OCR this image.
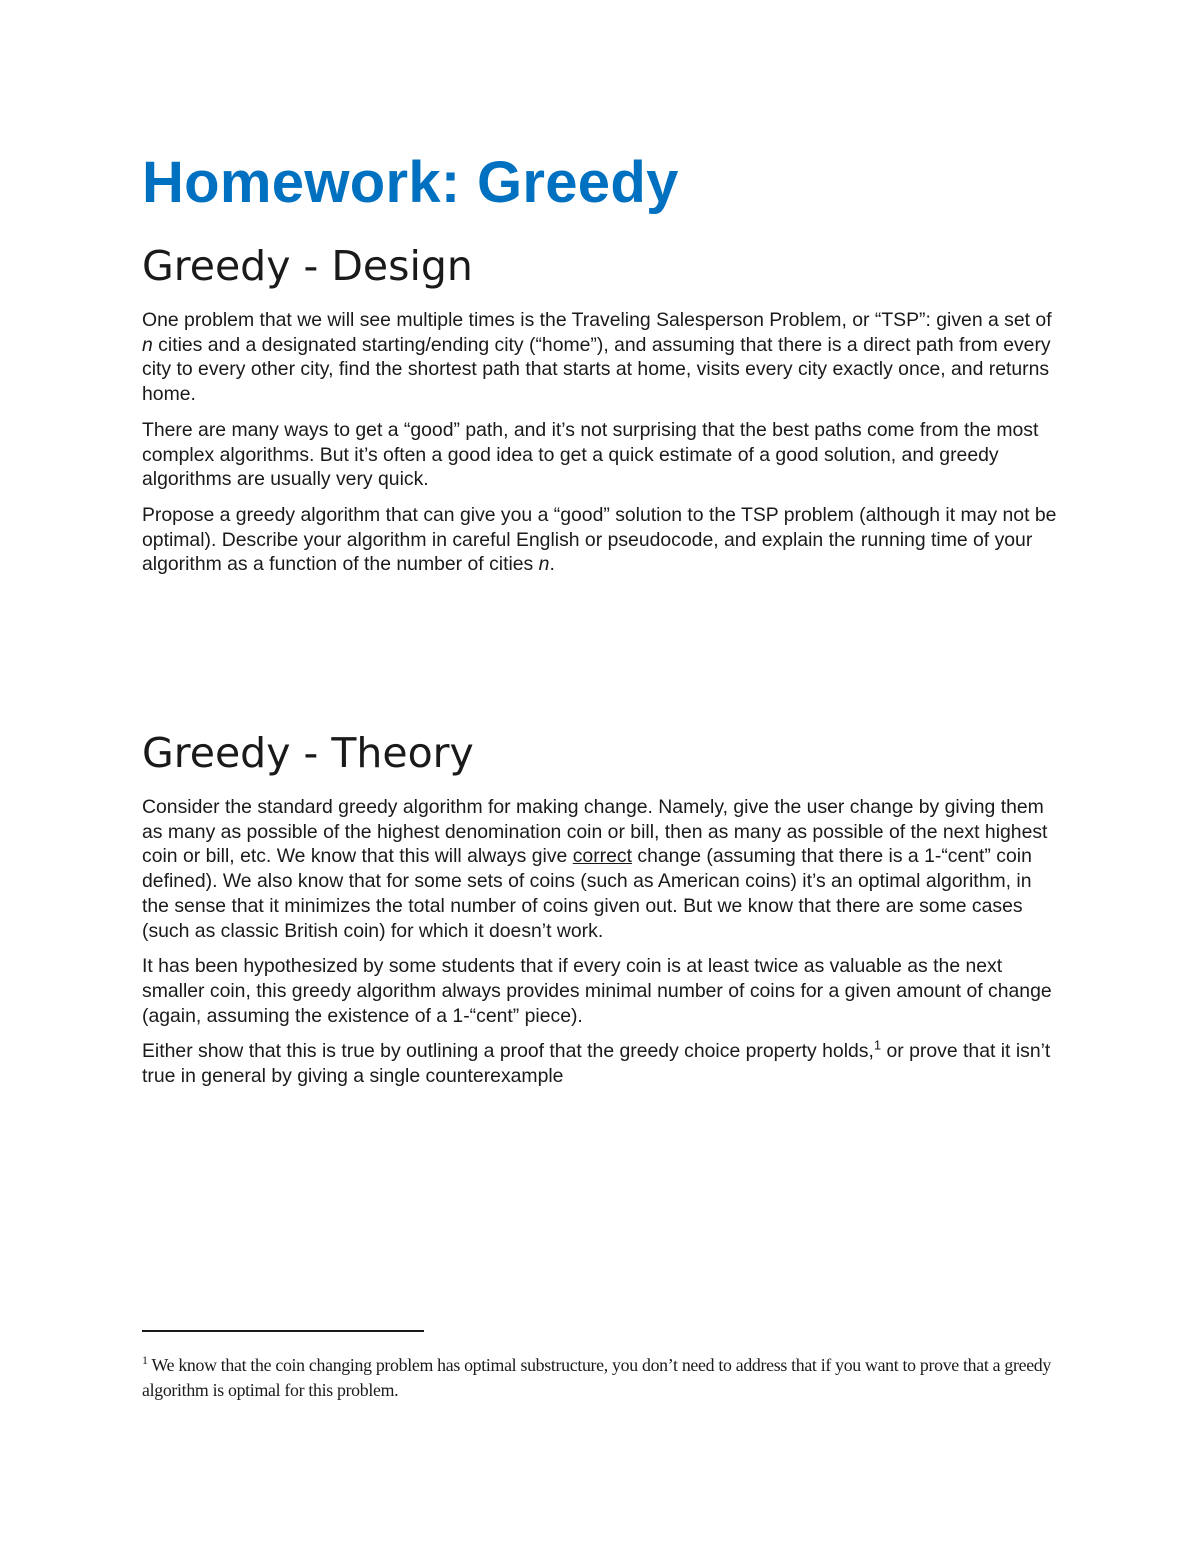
Homework: Greedy
Greedy - Design

One problem that we will see multiple times is the Traveling Salesperson Problem, or “TSP”: given a set of n cities and a designated starting/ending city (“home”), and assuming that there is a direct path from every city to every other city, find the shortest path that starts at home, visits every city exactly once, and returns home.

There are many ways to get a “good” path, and it’s not surprising that the best paths come from the most complex algorithms. But it’s often a good idea to get a quick estimate of a good solution, and greedy algorithms are usually very quick.

Propose a greedy algorithm that can give you a “good” solution to the TSP problem (although it may not be optimal). Describe your algorithm in careful English or pseudocode, and explain the running time of your algorithm as a function of the number of cities n.

Greedy - Theory

Consider the standard greedy algorithm for making change. Namely, give the user change by giving them as many as possible of the highest denomination coin or bill, then as many as possible of the next highest coin or bill, etc. We know that this will always give correct change (assuming that there is a 1-“cent” coin defined). We also know that for some sets of coins (such as American coins) it’s an optimal algorithm, in the sense that it minimizes the total number of coins given out. But we know that there are some cases (such as classic British coin) for which it doesn’t work.

It has been hypothesized by some students that if every coin is at least twice as valuable as the next smaller coin, this greedy algorithm always provides minimal number of coins for a given amount of change (again, assuming the existence of a 1-“cent” piece).

Either show that this is true by outlining a proof that the greedy choice property holds,$^1$ or prove that it isn’t true in general by giving a single counterexample

$^1$ We know that the coin changing problem has optimal substructure, you don’t need to address that if you want to prove that a greedy algorithm is optimal for this problem.
